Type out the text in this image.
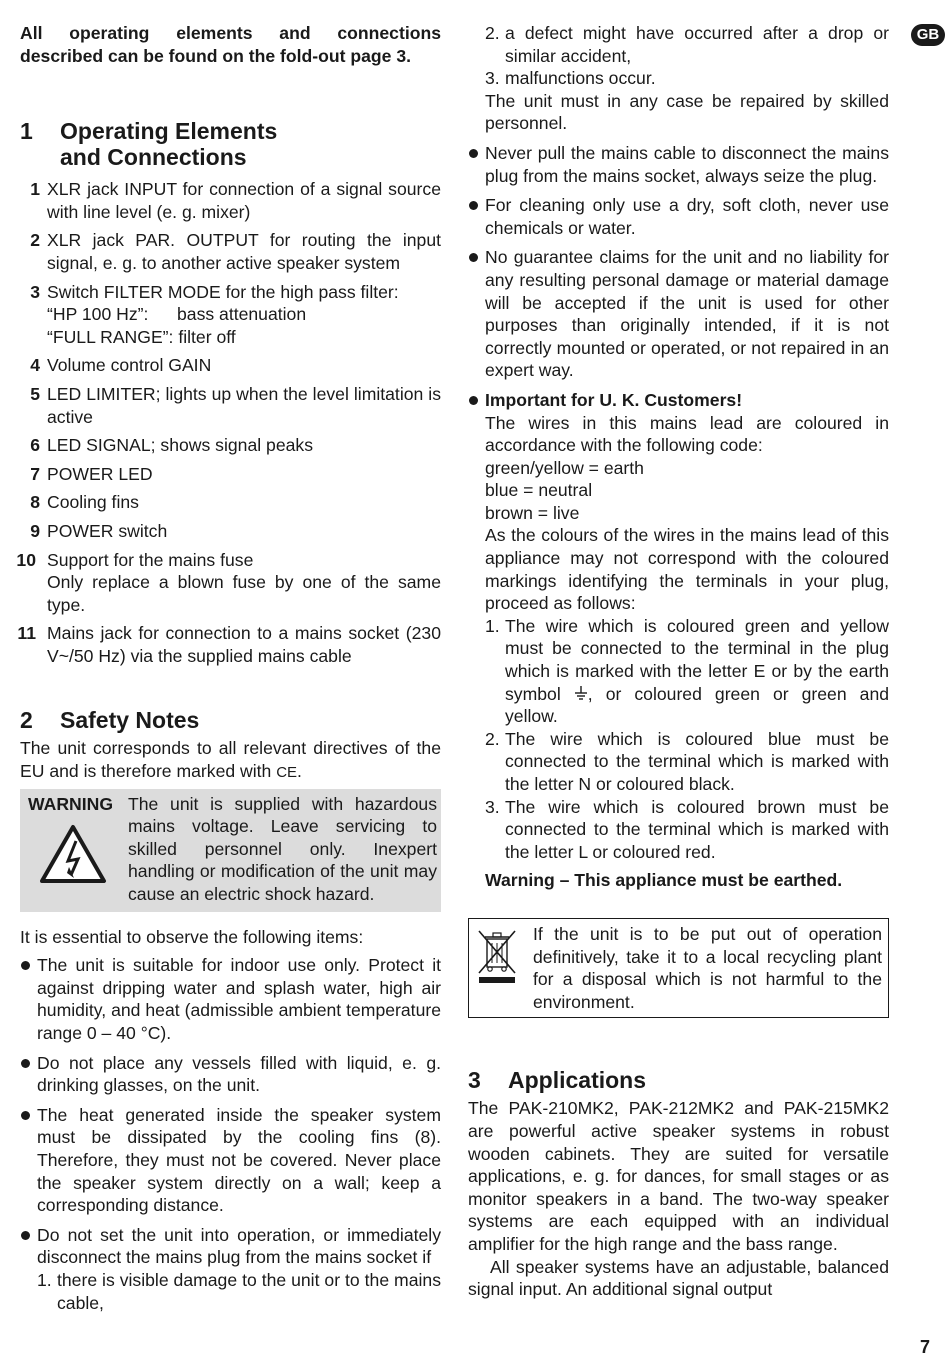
GB

All operating elements and connections described can be found on the fold-out page 3.

1 Operating Elements
and Connections
1 XLR jack INPUT for connection of a signal source with line level (e. g. mixer)
2 XLR jack PAR. OUTPUT for routing the input signal, e. g. to another active speaker system
3 Switch FILTER MODE for the high pass filter:
“HP 100 Hz”: bass attenuation
“FULL RANGE”: filter off
4 Volume control GAIN
5 LED LIMITER; lights up when the level limitation is active
6 LED SIGNAL; shows signal peaks
7 POWER LED
8 Cooling fins
9 POWER switch
10 Support for the mains fuse
Only replace a blown fuse by one of the same type.
11 Mains jack for connection to a mains socket (230 V~/50 Hz) via the supplied mains cable
2 Safety Notes

The unit corresponds to all relevant directives of the EU and is therefore marked with CE.

WARNING The unit is supplied with hazardous mains voltage. Leave servicing to skilled personnel only. Inexpert handling or modification of the unit may cause an electric shock hazard.

It is essential to observe the following items:

The unit is suitable for indoor use only. Protect it against dripping water and splash water, high air humidity, and heat (admissible ambient temperature range 0 – 40 °C).
Do not place any vessels filled with liquid, e. g. drinking glasses, on the unit.
The heat generated inside the speaker system must be dissipated by the cooling fins (8). Therefore, they must not be covered. Never place the speaker system directly on a wall; keep a corresponding distance.
Do not set the unit into operation, or immediately disconnect the mains plug from the mains socket if
1. there is visible damage to the unit or to the mains cable,
2. a defect might have occurred after a drop or similar accident,
3. malfunctions occur.

The unit must in any case be repaired by skilled personnel.

Never pull the mains cable to disconnect the mains plug from the mains socket, always seize the plug.
For cleaning only use a dry, soft cloth, never use chemicals or water.
No guarantee claims for the unit and no liability for any resulting personal damage or material damage will be accepted if the unit is used for other purposes than originally intended, if it is not correctly mounted or operated, or not repaired in an expert way.
Important for U. K. Customers!
The wires in this mains lead are coloured in accordance with the following code:
green/yellow = earth
blue = neutral
brown = live
As the colours of the wires in the mains lead of this appliance may not correspond with the coloured markings identifying the terminals in your plug, proceed as follows:
1. The wire which is coloured green and yellow must be connected to the terminal in the plug which is marked with the letter E or by the earth symbol , or coloured green or green and yellow.
2. The wire which is coloured blue must be connected to the terminal which is marked with the letter N or coloured black.
3. The wire which is coloured brown must be connected to the terminal which is marked with the letter L or coloured red.
Warning – This appliance must be earthed.
If the unit is to be put out of operation definitively, take it to a local recycling plant for a disposal which is not harmful to the environment.
3 Applications

The PAK-210MK2, PAK-212MK2 and PAK-215MK2 are powerful active speaker systems in robust wooden cabinets. They are suited for versatile applications, e. g. for dances, for small stages or as monitor speakers in a band. The two-way speaker systems are each equipped with an individual amplifier for the high range and the bass range.

All speaker systems have an adjustable, balanced signal input. An additional signal output

7
